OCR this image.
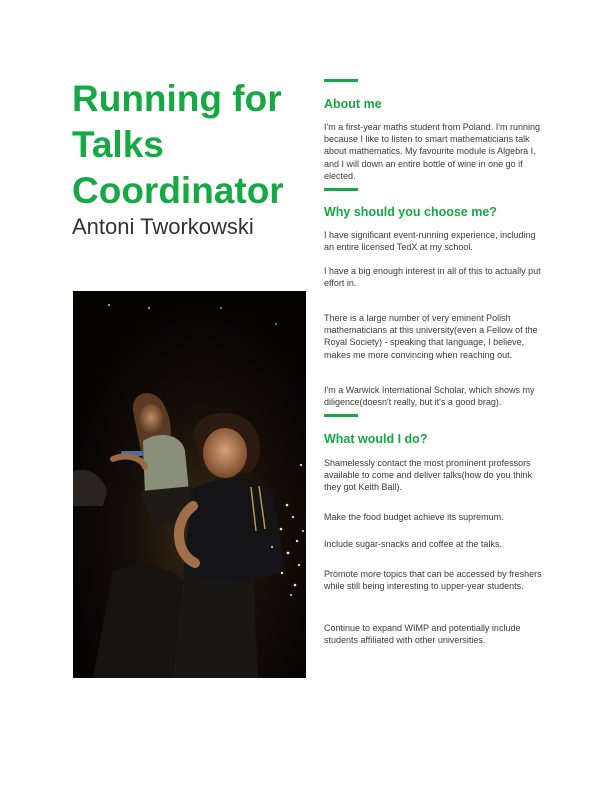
Running for
Talks
Coordinator
Antoni Tworkowski
About me

I'm a first-year maths student from Poland. I'm running because I like to listen to smart mathematicians talk about mathematics. My favourite module is Algebra I, and I will down an entire bottle of wine in one go if elected.

Why should you choose me?

I have significant event-running experience, including an entire licensed TedX at my school.

I have a big enough interest in all of this to actually put effort in.

There is a large number of very eminent Polish mathematicians at this university(even a Fellow of the Royal Society) - speaking that language, I believe, makes me more convincing when reaching out.

I'm a Warwick International Scholar, which shows my diligence(doesn't really, but it's a good brag).

What would I do?

Shamelessly contact the most prominent professors available to come and deliver talks(how do you think they got Keith Ball).

Make the food budget achieve its supremum.

Include sugar-snacks and coffee at the talks.

Promote more topics that can be accessed by freshers while still being interesting to upper-year students.

Continue to expand WIMP and potentially include students affiliated with other universities.
